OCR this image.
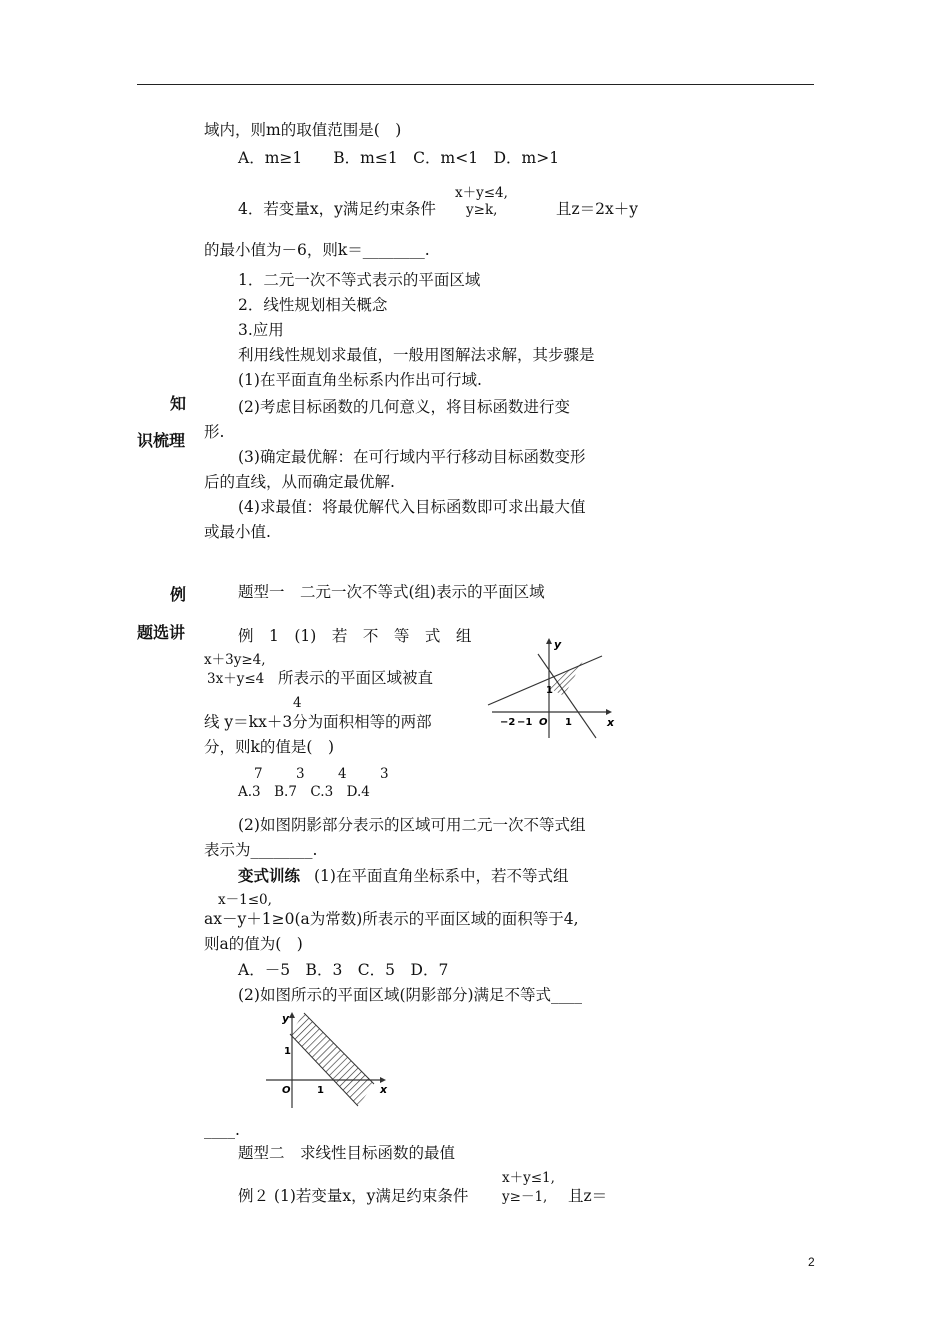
域内，则m的取值范围是(　)
A．m≥1　　B．m≤1　C．m<1　D．m>1
x＋y≤4,
4．若变量x，y满足约束条件 y≥k,	且z＝2x＋y
的最小值为－6，则k＝________.
1．二元一次不等式表示的平面区域
2．线性规划相关概念
3.应用
利用线性规划求最值，一般用图解法求解，其步骤是
(1)在平面直角坐标系内作出可行域.
知	(2)考虑目标函数的几何意义，将目标函数进行变
识梳理 形.
(3)确定最优解：在可行域内平行移动目标函数变形
后的直线，从而确定最优解.
(4)求最值：将最优解代入目标函数即可求出最大值
或最小值.
例	题型一　二元一次不等式(组)表示的平面区域
题选讲	例　1　(1)　若　不　等　式　组
x＋3y≥4,
3x＋y≤4 所表示的平面区域被直
4
线 y＝kx＋3分为面积相等的两部
分，则k的值是(　)
y
x
1
−2 −1 O 1
7 3 4 3
A.3　B.7　C.3　D.4
(2)如图阴影部分表示的区域可用二元一次不等式组
表示为________.
变式训练 (1)在平面直角坐标系中，若不等式组
x－1≤0,
ax－y＋1≥0(a为常数)所表示的平面区域的面积等于4,
则a的值为(　)
A．－5　B．3　C．5　D．7
(2)如图所示的平面区域(阴影部分)满足不等式____
y
x
O	1
1
____.
题型二　求线性目标函数的最值
x＋y≤1,
例２ (1)若变量x，y满足约束条件 y≥－1, 且z＝
2
